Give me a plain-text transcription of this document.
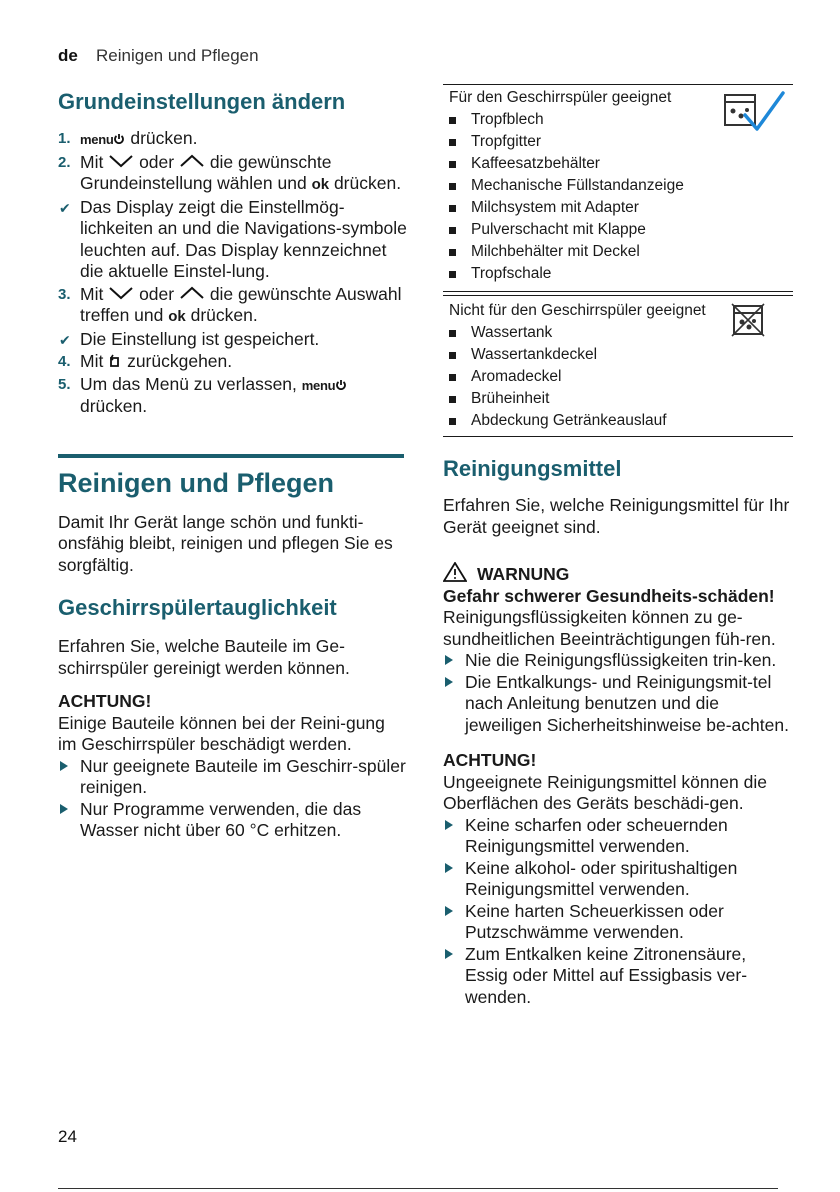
de Reinigen und Pflegen
Grundeinstellungen ändern
1. menu drücken.
2. Mit  oder  die gewünschte Grundeinstellung wählen und ok drücken.
✔ Das Display zeigt die Einstellmög-lichkeiten an und die Navigations-symbole leuchten auf. Das Display kennzeichnet die aktuelle Einstel-lung.
3. Mit  oder  die gewünschte Auswahl treffen und ok drücken.
✔ Die Einstellung ist gespeichert.
4. Mit  zurückgehen.
5. Um das Menü zu verlassen, menu
drücken.
Reinigen und Pflegen
Damit Ihr Gerät lange schön und funkti-onsfähig bleibt, reinigen und pflegen Sie es sorgfältig.
Geschirrspülertauglichkeit
Erfahren Sie, welche Bauteile im Ge-schirrspüler gereinigt werden können.
ACHTUNG!
Einige Bauteile können bei der Reini-gung im Geschirrspüler beschädigt werden.
Nur geeignete Bauteile im Geschirr-spüler reinigen.
Nur Programme verwenden, die das Wasser nicht über 60 °C erhitzen.
Für den Geschirrspüler geeignet
Tropfblech
Tropfgitter
Kaffeesatzbehälter
Mechanische Füllstandanzeige
Milchsystem mit Adapter
Pulverschacht mit Klappe
Milchbehälter mit Deckel
Tropfschale
Nicht für den Geschirrspüler geeignet
Wassertank
Wassertankdeckel
Aromadeckel
Brüheinheit
Abdeckung Getränkeauslauf
Reinigungsmittel
Erfahren Sie, welche Reinigungsmittel für Ihr Gerät geeignet sind.
WARNUNG
Gefahr schwerer Gesundheits-schäden!
Reinigungsflüssigkeiten können zu ge-sundheitlichen Beeinträchtigungen füh-ren.
Nie die Reinigungsflüssigkeiten trin-ken.
Die Entkalkungs- und Reinigungsmit-tel nach Anleitung benutzen und die jeweiligen Sicherheitshinweise be-achten.
ACHTUNG!
Ungeeignete Reinigungsmittel können die Oberflächen des Geräts beschädi-gen.
Keine scharfen oder scheuernden Reinigungsmittel verwenden.
Keine alkohol- oder spiritushaltigen Reinigungsmittel verwenden.
Keine harten Scheuerkissen oder Putzschwämme verwenden.
Zum Entkalken keine Zitronensäure, Essig oder Mittel auf Essigbasis ver-wenden.
24
